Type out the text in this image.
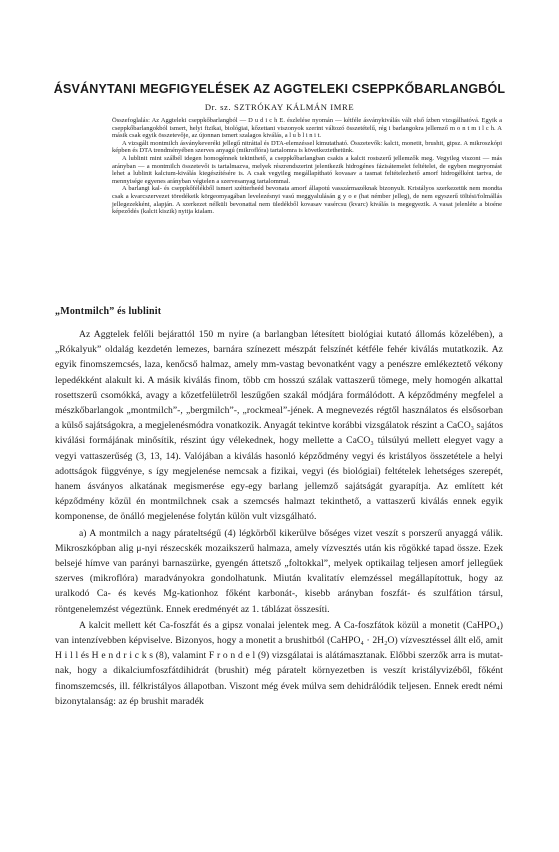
ÁSVÁNYTANI MEGFIGYELÉSEK AZ AGGTELEKI CSEPPKŐBARLANGBÓL
Dr. sz. SZTRÓKAY KÁLMÁN IMRE

Összefoglalás: Az Aggteleki cseppkőbarlangból — D u d i c h E. észlelése nyomán — kétféle ásványkiválás vált első ízben vizsgálhatóvá. Egyik a cseppkőbarlangokból ismert, helyi fizikai, biológiai, kőzettani viszonyok szerint változó összetételű, rég i barlangokra jellemző m o n t m i l c h. A másik csak egyik összetevője, az újonnan ismert szalagos kiválás, a l u b l i n i t.

A vizsgált montmilch ásványkeveréki jellegű nitráttal és DTA-elemzéssel kimutatható. Összetevők: kalcit, monetit, brushit, gipsz. A mikroszkópi képben és DTA trendményében szerves anyagú (mikroflóra) tartalomra is következtethetünk.

A lublinit mint szálbél idegen homogénnek tekinthető, a cseppkőbarlangban csakis a kalcit rostszerű jellemzők meg. Vegyileg viszont — más arányban — a montmilch összetevői is tartalmazva, melyek részrendszerint jelentkezik hidrogénes fázisátemelet feltételei, de egyben megnyomást lehet a lublinit kalcium-kiválás kiegészítésére is. A csak vegyileg megállapítható kovasav a tasmat feltételezhető amorf hidrogélként tartva, de mennyisége egyenes arányban végtelen a szervesanyag tartalommal.

A barlangi kal- és cseppkőfélékből ismert szétterheéd bevonata amorf állapotú vasszármazéknak bizonyult. Kristályos szerkezetük nem mondta csak a kvarcszervezet töredékeik körgeomyagában levelezésnyi vasú meggyalulásán g y o e (hat némber jelleg), de nem egyszerű töltési/folmállás jellegezekként, alapján. A szerkezet nélküli bevonattal nem üledékből kovasav vasércsu (kvarc) kiválás is megegyezik. A vasat jelenléte a bioéne képeződés (kalcit kiszik) nyitja kialam.

„Montmilch” és lublinit

Az Aggtelek felőli bejárattól 150 m nyire (a barlangban létesített biológiai kutató állomás közelében), a „Rókalyuk” oldalág kezdetén lemezes, barnára színezett mészpát felszínét kétféle fehér kiválás mutatkozik. Az egyik finomszemcsés, laza, kenőcső halmaz, amely mm-vastag bevonatként vagy a penészre emlékeztető vékony lepedékként alakult ki. A másik kiválás finom, több cm hosszú szálak vattaszerű tömege, mely homogén alkattal rosettszerű csomókká, avagy a kőzetfelületről leszűgően szakál módjára formálódott. A képződmény megfelel a mészkőbarlangok „montmilch”-, „bergmilch”-, „rockmeal”-jének. A megnevezés régtől használatos és elsősorban a külső sajátságokra, a megjelenésmódra vonatkozik. Anyagát tekintve korábbi vizsgálatok részint a CaCO₃ sajátos kiválási formájának minősítik, részint úgy vélekednek, hogy mellette a CaCO₃ túlsúlyú mellett elegyet vagy a vegyi vattaszerűség (3, 13, 14). Valójában a kiválás hasonló képződmény vegyi és kristályos összetétele a helyi adottságok függvénye, s így megjelenése nemcsak a fizikai, vegyi (és biológiai) feltételek lehetséges szerepét, hanem ásványos alkatának megismerése egy-egy barlang jellemző sajátságát gyarapítja. Az említett két képződmény közül én montmilchnek csak a szemcsés halmazt tekinthető, a vattaszerű kiválás ennek egyik komponense, de önálló megjelenése folytán külön vult vizsgálható.

a) A montmilch a nagy párateltségű (4) légkörből kikerülve bőséges vizet veszít s porszerű anyaggá válik. Mikroszkópban alig μ-nyi részecskék mozaikszerű halmaza, amely vízvesztés után kis rögökké tapad össze. Ezek belsejé hímve van parányi barnaszürke, gyengén áttetsző „foltokkal”, melyek optikailag teljesen amorf jellegűek szerves (mikroflóra) maradványokra gondolhatunk. Miután kvalitatív elemzéssel megállapítottuk, hogy az uralkodó Ca- és kevés Mg-kationhoz főként karbonát-, kisebb arányban foszfát- és szulfátion társul, röntgenelemzést végeztünk. Ennek eredményét az 1. táblázat összesíti.

A kalcit mellett két Ca-foszfát és a gipsz vonalai jelentek meg. A Ca-foszfátok közül a monetit (CaHPO₄) van intenzívebben képviselve. Bizonyos, hogy a monetit a brushitból (CaHPO₄ · 2H₂O) vízvesztéssel állt elő, amit H i l l és H e n d r i c k s (8), valamint F r o n d e l (9) vizsgálatai is alátámasztanak. Előbbi szerzők arra is mutatnak, hogy a dikalciumfoszfátdihidrát (brushit) még páratelt környezetben is veszít kristályvizéből, főként finomszemcsés, ill. félkristályos állapotban. Viszont még évek múlva sem dehidrálódik teljesen. Ennek eredt némi bizonytalanság: az ép brushit maradék
